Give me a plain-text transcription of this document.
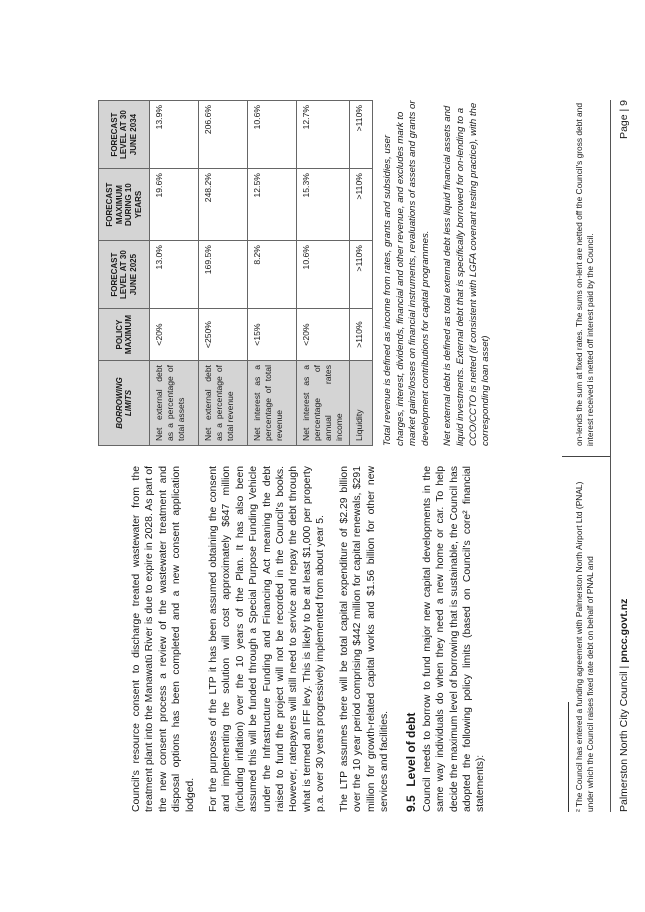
Council's resource consent to discharge treated wastewater from the treatment plant into the Manawatū River is due to expire in 2028. As part of the new consent process a review of the wastewater treatment and disposal options has been completed and a new consent application lodged. For the purposes of the LTP it has been assumed obtaining the consent and implementing the solution will cost approximately $647 million (including inflation) over the 10 years of the Plan. It has also been assumed this will be funded through a Special Purpose Funding Vehicle under the Infrastructure Funding and Financing Act meaning the debt raised to fund the project will not be recorded in the Council's books. However, ratepayers will still need to service and repay the debt through what is termed an IFF levy. This is likely to be at least $1,000 per property p.a. over 30 years progressively implemented from about year 5. The LTP assumes there will be total capital expenditure of $2.29 billion over the 10 year period comprising $442 million for capital renewals, $291 million for growth-related capital works and $1.56 billion for other new services and facilities. 9.5 Level of debt Council needs to borrow to fund major new capital developments in the same way individuals do when they need a new home or car. To help decide the maximum level of borrowing that is sustainable, the Council has adopted the following policy limits (based on Council's core² financial statements):

BORROWING LIMITS	POLICY MAXIMUM	FORECAST LEVEL AT 30 JUNE 2025	FORECAST MAXIMUM DURING 10 YEARS	FORECAST LEVEL AT 30 JUNE 2034
Net external debt as a percentage of total assets	<20%	13.0%	19.6%	13.9%
Net external debt as a percentage of total revenue	<250%	169.5%	248.2%	206.6%
Net interest as a percentage of total revenue	<15%	8.2%	12.5%	10.6%
Net interest as a percentage of annual rates income	<20%	10.6%	15.3%	12.7%
Liquidity	>110%	>110%	>110%	>110%

Total revenue is defined as income from rates, grants and subsidies, user charges, interest, dividends, financial and other revenue, and excludes mark to market gains/losses on financial instruments, revaluations of assets and grants or development contributions for capital programmes. Net external debt is defined as total external debt less liquid financial assets and liquid investments. External debt that is specifically borrowed for on-lending to a CCO/CCTO is netted (if consistent with LGFA covenant testing practice), with the corresponding loan asset)

² The Council has entered a funding agreement with Palmerston North Airport Ltd (PNAL) under which the Council raises fixed rate debt on behalf of PNAL and
on-lends the sum at fixed rates. The sums on-lent are netted off the Council's gross debt and interest received is netted off interest paid by the Council.
Palmerston North City Council | pncc.govt.nz
Page | 9
